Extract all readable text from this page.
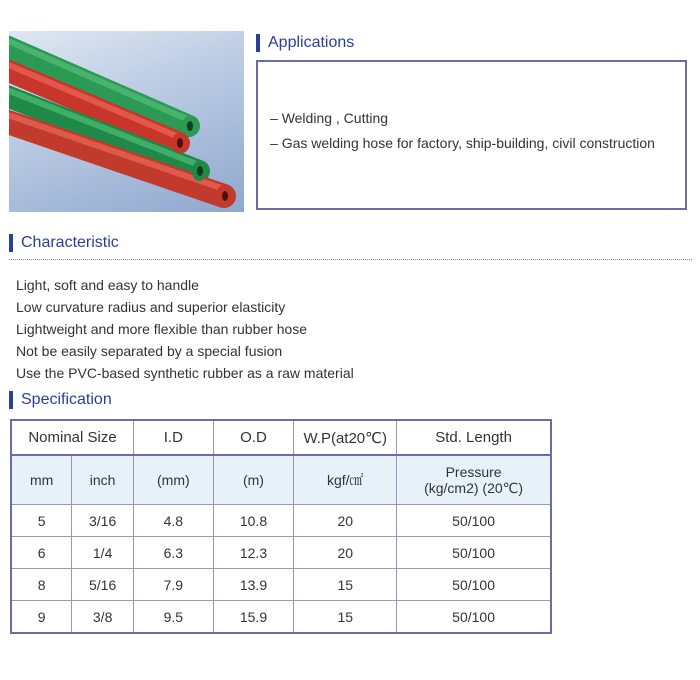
Applications
– Welding , Cutting
– Gas welding hose for factory, ship-building, civil construction
Characteristic
Light, soft and easy to handle
Low curvature radius and superior elasticity
Lightweight and more flexible than rubber hose
Not be easily separated by a special fusion
Use the PVC-based synthetic rubber as a raw material
Specification
Nominal Size		I.D	O.D	W.P(at20℃)	Std. Length
mm	inch	(mm)	(m)	kgf/㎠	Pressure
(kg/cm2) (20℃)

5	3/16	4.8	10.8	20	50/100
6	1/4	6.3	12.3	20	50/100
8	5/16	7.9	13.9	15	50/100
9	3/8	9.5	15.9	15	50/100
